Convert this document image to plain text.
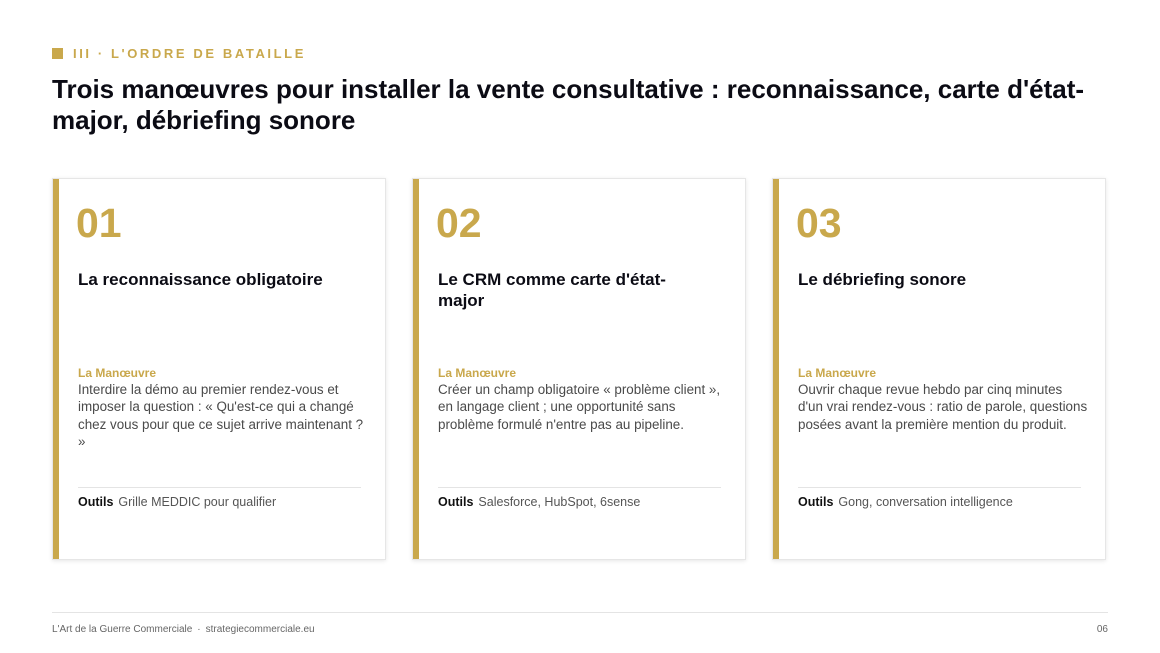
III · L'ORDRE DE BATAILLE
Trois manœuvres pour installer la vente consultative : reconnaissance, carte d'état-major, débriefing sonore
01
La reconnaissance obligatoire
La Manœuvre
Interdire la démo au premier rendez-vous et imposer la question : « Qu'est-ce qui a changé chez vous pour que ce sujet arrive maintenant ? »
Outils Grille MEDDIC pour qualifier
02
Le CRM comme carte d'état-major
La Manœuvre
Créer un champ obligatoire « problème client », en langage client ; une opportunité sans problème formulé n'entre pas au pipeline.
Outils Salesforce, HubSpot, 6sense
03
Le débriefing sonore
La Manœuvre
Ouvrir chaque revue hebdo par cinq minutes d'un vrai rendez-vous : ratio de parole, questions posées avant la première mention du produit.
Outils Gong, conversation intelligence
L'Art de la Guerre Commerciale · strategiecommerciale.eu	06
